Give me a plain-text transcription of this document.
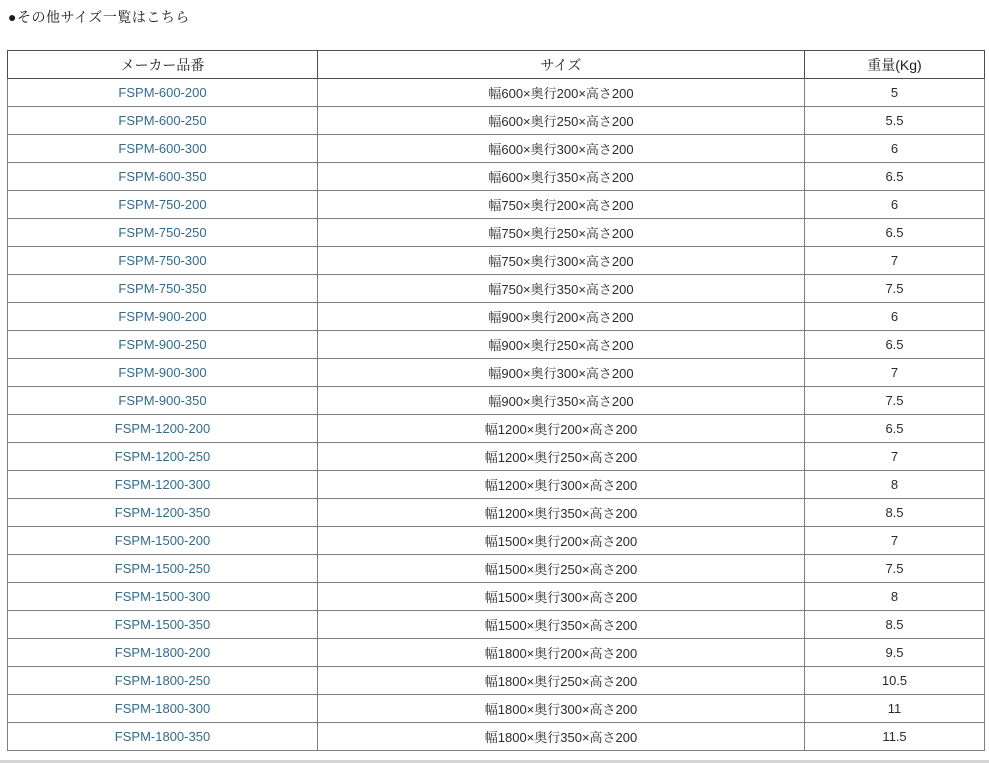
●その他サイズ一覧はこちら
メーカー品番	サイズ	重量(Kg)
FSPM-600-200	幅600×奥行200×高さ200	5
FSPM-600-250	幅600×奥行250×高さ200	5.5
FSPM-600-300	幅600×奥行300×高さ200	6
FSPM-600-350	幅600×奥行350×高さ200	6.5
FSPM-750-200	幅750×奥行200×高さ200	6
FSPM-750-250	幅750×奥行250×高さ200	6.5
FSPM-750-300	幅750×奥行300×高さ200	7
FSPM-750-350	幅750×奥行350×高さ200	7.5
FSPM-900-200	幅900×奥行200×高さ200	6
FSPM-900-250	幅900×奥行250×高さ200	6.5
FSPM-900-300	幅900×奥行300×高さ200	7
FSPM-900-350	幅900×奥行350×高さ200	7.5
FSPM-1200-200	幅1200×奥行200×高さ200	6.5
FSPM-1200-250	幅1200×奥行250×高さ200	7
FSPM-1200-300	幅1200×奥行300×高さ200	8
FSPM-1200-350	幅1200×奥行350×高さ200	8.5
FSPM-1500-200	幅1500×奥行200×高さ200	7
FSPM-1500-250	幅1500×奥行250×高さ200	7.5
FSPM-1500-300	幅1500×奥行300×高さ200	8
FSPM-1500-350	幅1500×奥行350×高さ200	8.5
FSPM-1800-200	幅1800×奥行200×高さ200	9.5
FSPM-1800-250	幅1800×奥行250×高さ200	10.5
FSPM-1800-300	幅1800×奥行300×高さ200	11
FSPM-1800-350	幅1800×奥行350×高さ200	11.5
